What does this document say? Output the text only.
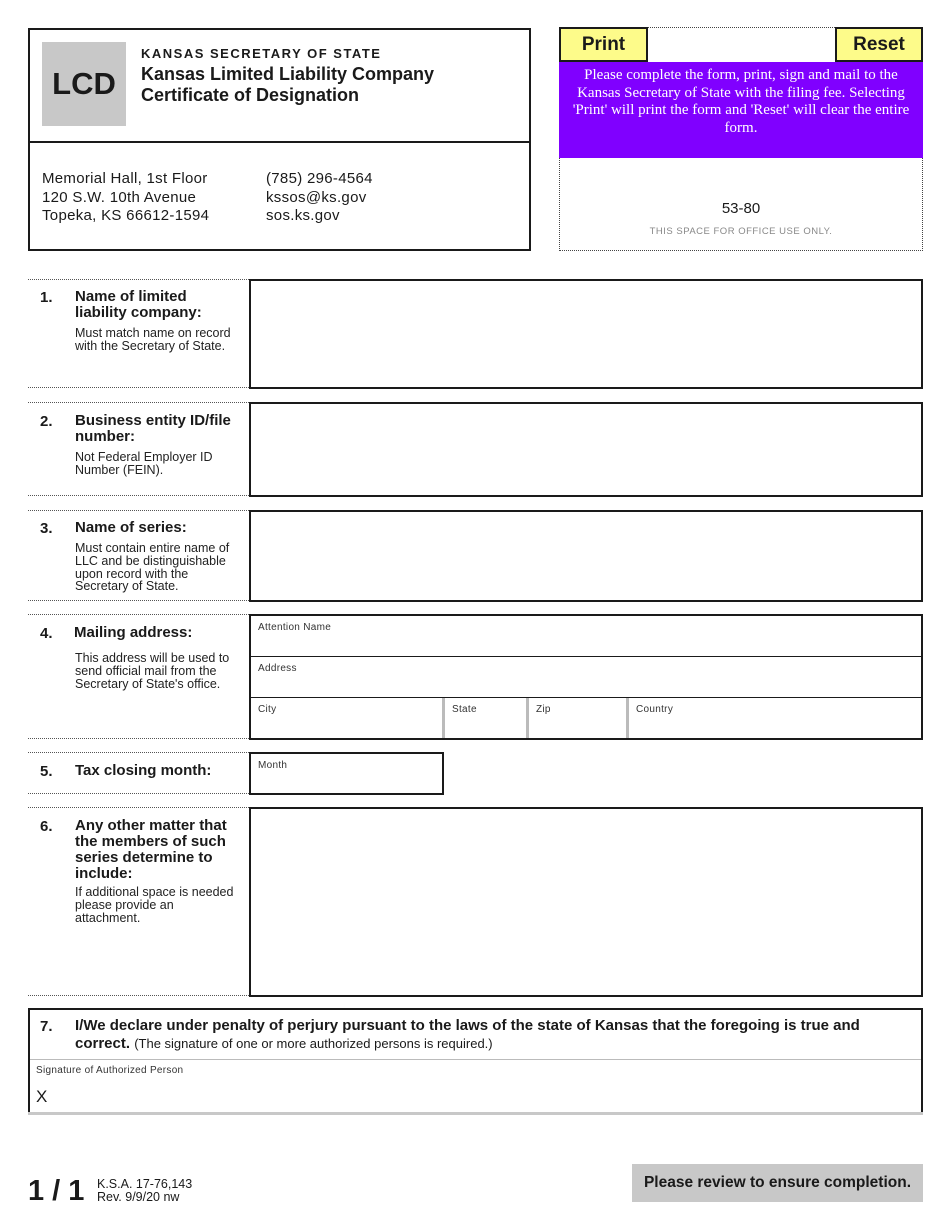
LCD
KANSAS SECRETARY OF STATE
Kansas Limited Liability Company
Certificate of Designation
Memorial Hall, 1st Floor
120 S.W. 10th Avenue
Topeka, KS 66612-1594
(785) 296-4564
kssos@ks.gov
sos.ks.gov
Print	Reset
Please complete the form, print, sign and mail to the Kansas Secretary of State with the filing fee. Selecting 'Print' will print the form and 'Reset' will clear the entire form.
53-80
THIS SPACE FOR OFFICE USE ONLY.
1. Name of limited liability company:
Must match name on record with the Secretary of State.
2. Business entity ID/file number:
Not Federal Employer ID Number (FEIN).
3. Name of series:
Must contain entire name of LLC and be distinguishable upon record with the Secretary of State.
4. Mailing address:
This address will be used to send official mail from the Secretary of State's office.
Attention Name
Address
City	State	Zip	Country
5. Tax closing month:	Month
6. Any other matter that the members of such series determine to include:
If additional space is needed please provide an attachment.
7. I/We declare under penalty of perjury pursuant to the laws of the state of Kansas that the foregoing is true and correct. (The signature of one or more authorized persons is required.)
Signature of Authorized Person
X
1 / 1 K.S.A. 17-76,143
Rev. 9/9/20 nw
Please review to ensure completion.
